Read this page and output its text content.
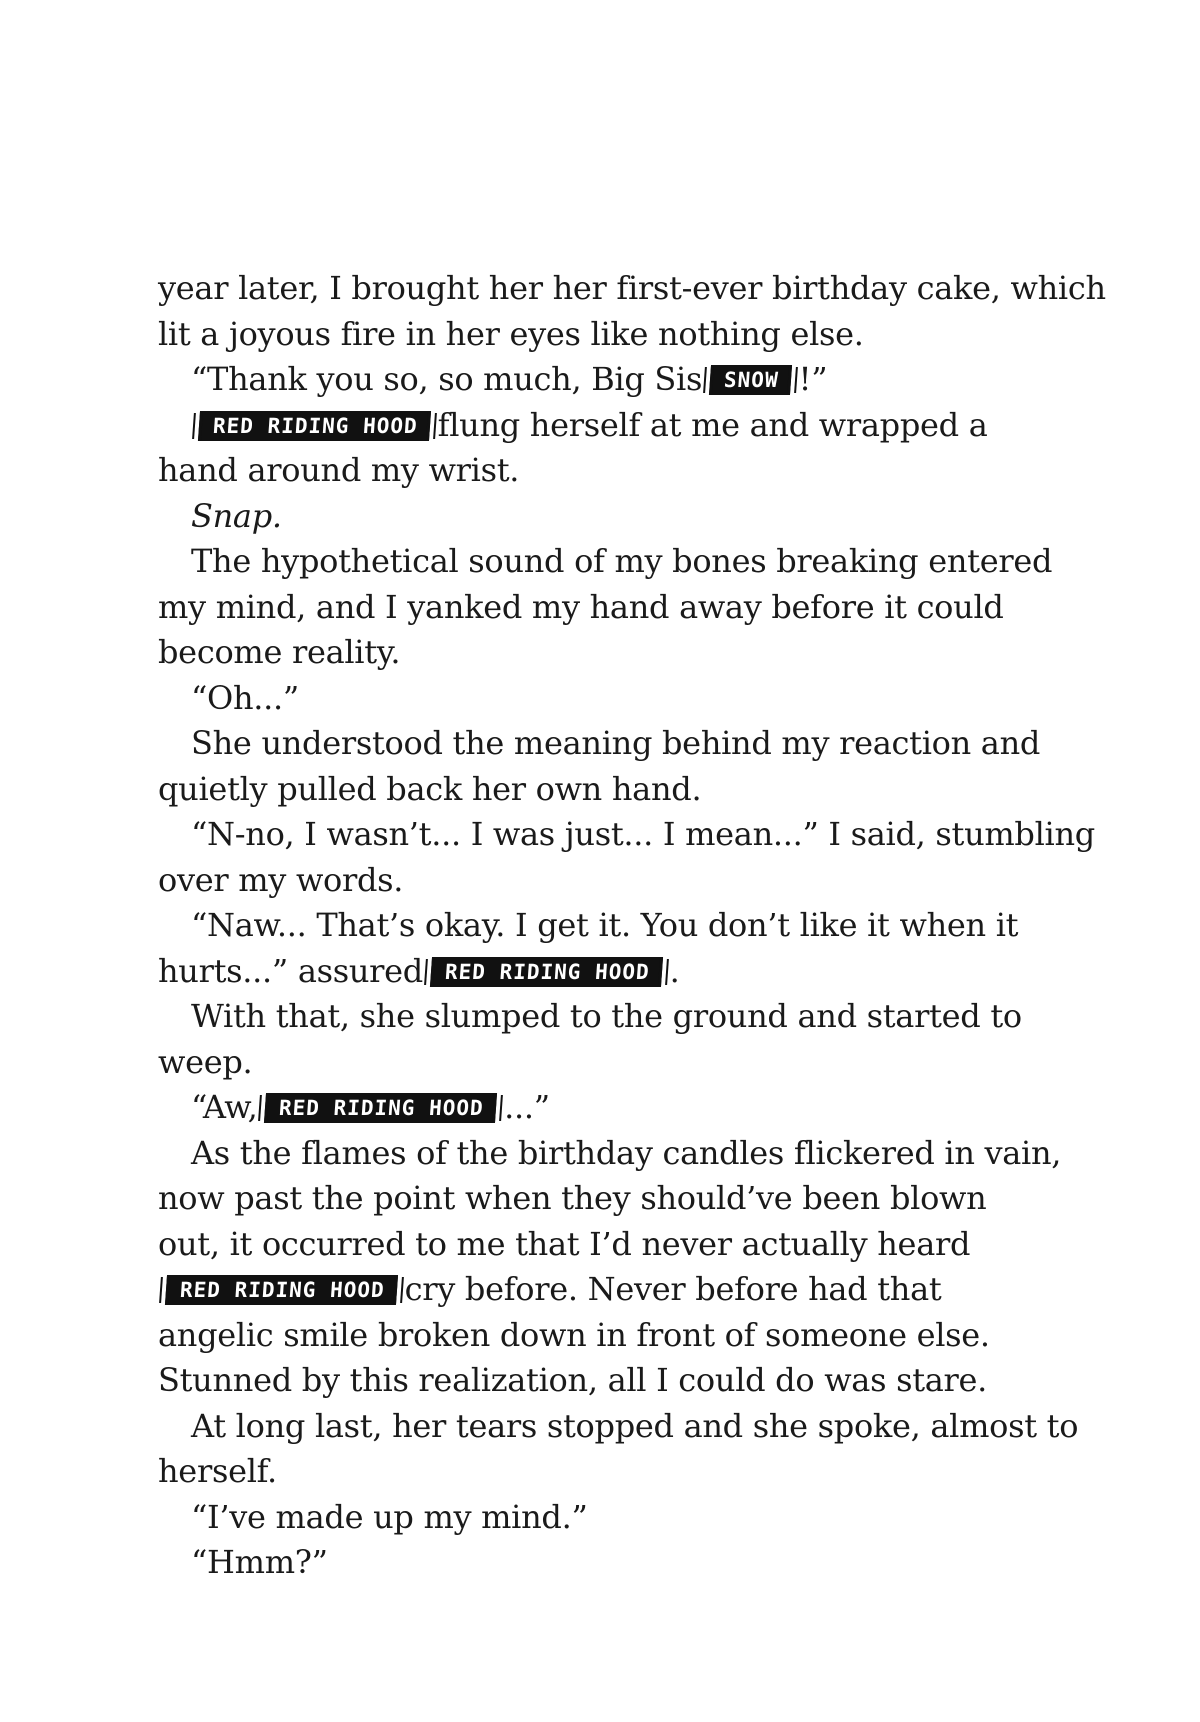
year later, I brought her her first-ever birthday cake, which
lit a joyous fire in her eyes like nothing else.
“Thank you so, so much, Big Sis SNOW !”
RED RIDING HOOD flung herself at me and wrapped a
hand around my wrist.
Snap.
The hypothetical sound of my bones breaking entered
my mind, and I yanked my hand away before it could
become reality.
“Oh...”
She understood the meaning behind my reaction and
quietly pulled back her own hand.
“N-no, I wasn’t... I was just... I mean...” I said, stumbling
over my words.
“Naw... That’s okay. I get it. You don’t like it when it
hurts...” assured RED RIDING HOOD .
With that, she slumped to the ground and started to
weep.
“Aw, RED RIDING HOOD ...”
As the flames of the birthday candles flickered in vain,
now past the point when they should’ve been blown
out, it occurred to me that I’d never actually heard
RED RIDING HOOD cry before. Never before had that
angelic smile broken down in front of someone else.
Stunned by this realization, all I could do was stare.
At long last, her tears stopped and she spoke, almost to
herself.
“I’ve made up my mind.”
“Hmm?”
